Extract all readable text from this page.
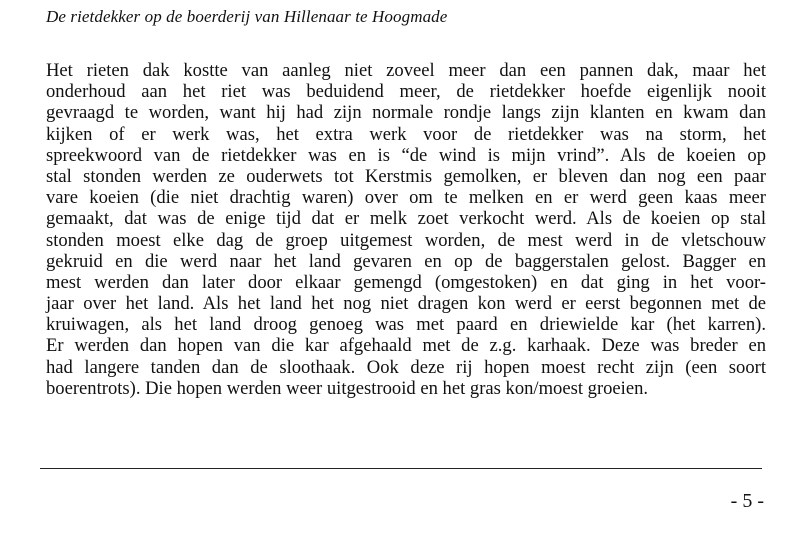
De rietdekker op de boerderij van Hillenaar te Hoogmade
Het rieten dak kostte van aanleg niet zoveel meer dan een pannen dak, maar het
onderhoud aan het riet was beduidend meer, de rietdekker hoefde eigenlijk nooit
gevraagd te worden, want hij had zijn normale rondje langs zijn klanten en kwam dan
kijken of er werk was, het extra werk voor de rietdekker was na storm, het
spreekwoord van de rietdekker was en is “de wind is mijn vrind”. Als de koeien op
stal stonden werden ze ouderwets tot Kerstmis gemolken, er bleven dan nog een paar
vare koeien (die niet drachtig waren) over om te melken en er werd geen kaas meer
gemaakt, dat was de enige tijd dat er melk zoet verkocht werd. Als de koeien op stal
stonden moest elke dag de groep uitgemest worden, de mest werd in de vletschouw
gekruid en die werd naar het land gevaren en op de baggerstalen gelost. Bagger en
mest werden dan later door elkaar gemengd (omgestoken) en dat ging in het voor-
jaar over het land. Als het land het nog niet dragen kon werd er eerst begonnen met de
kruiwagen, als het land droog genoeg was met paard en driewielde kar (het karren).
Er werden dan hopen van die kar afgehaald met de z.g. karhaak. Deze was breder en
had langere tanden dan de sloothaak. Ook deze rij hopen moest recht zijn (een soort
boerentrots). Die hopen werden weer uitgestrooid en het gras kon/moest groeien.
- 5 -
